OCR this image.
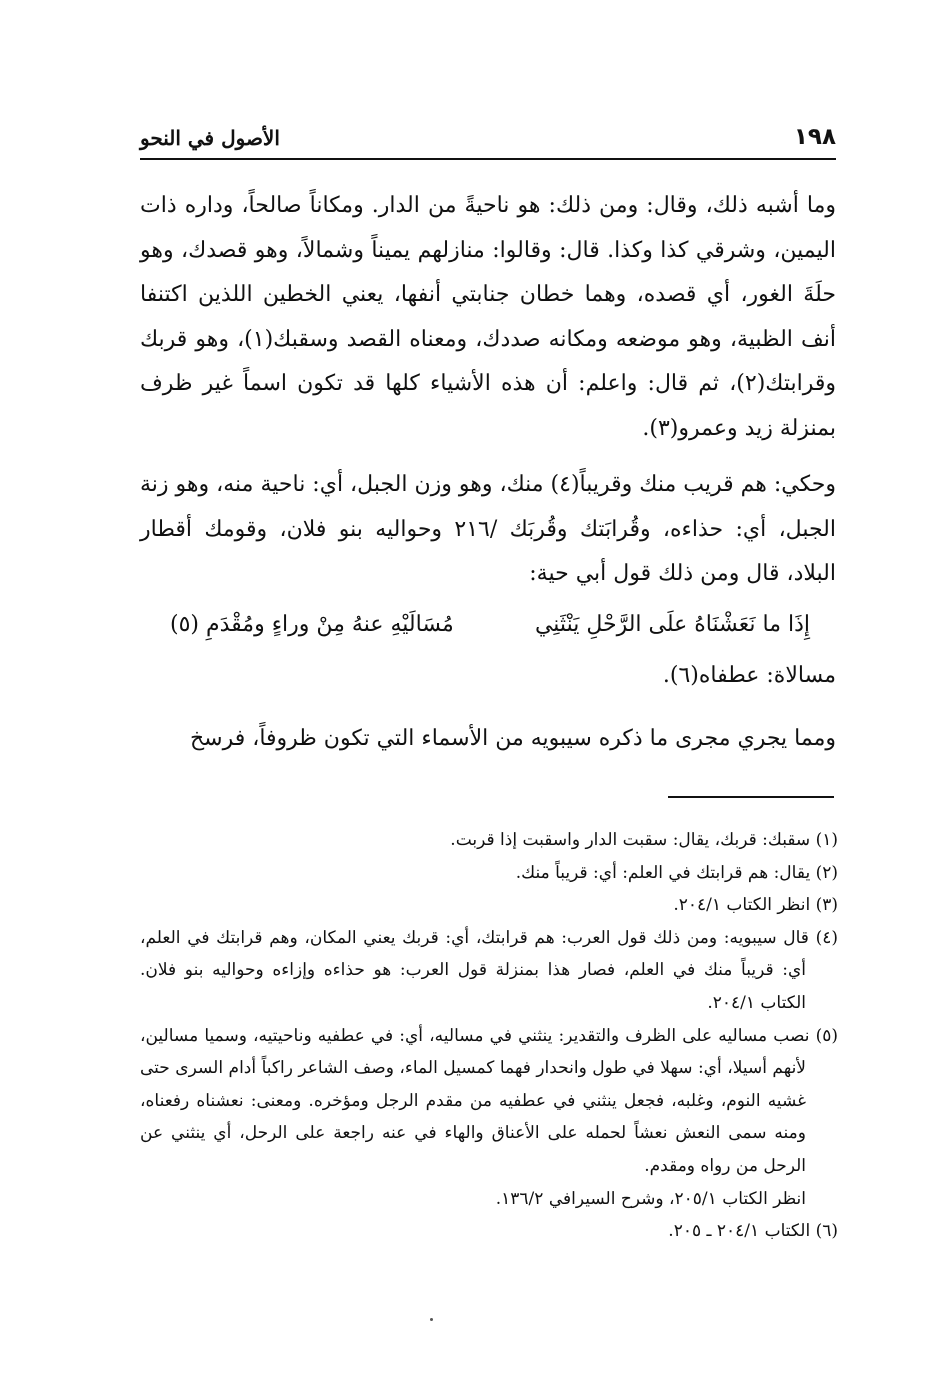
١٩٨
الأصول في النحو

وما أشبه ذلك، وقال: ومن ذلك: هو ناحيةً من الدار. ومكاناً صالحاً، وداره ذات اليمين، وشرقي كذا وكذا. قال: وقالوا: منازلهم يميناً وشمالاً، وهو قصدك، وهو حلَةَ الغور، أي قصده، وهما خطان جنابتي أنفها، يعني الخطين اللذين اكتنفا أنف الظبية، وهو موضعه ومكانه صددك، ومعناه القصد وسقبك(١)، وهو قربك وقرابتك(٢)، ثم قال: واعلم: أن هذه الأشياء كلها قد تكون اسماً غير ظرف بمنزلة زيد وعمرو(٣).

وحكي: هم قريب منك وقريباً(٤) منك، وهو وزن الجبل، أي: ناحية منه، وهو زنة الجبل، أي: حذاءه، وقُرابَتك وقُربَك /٢١٦ وحواليه بنو فلان، وقومك أقطار البلاد، قال ومن ذلك قول أبي حية:

إِذَا ما نَعَشْنَاهُ علَى الرَّحْلِ يَنْثَنِي
مُسَالَيْهِ عنهُ مِنْ وراءٍ ومُقْدَمِ (٥)

مسالاة: عطفاه(٦).

ومما يجري مجرى ما ذكره سيبويه من الأسماء التي تكون ظروفاً، فرسخ

(١) سقبك: قربك، يقال: سقبت الدار واسقبت إذا قربت.

(٢) يقال: هم قرابتك في العلم: أي: قريباً منك.

(٣) انظر الكتاب ٢٠٤/١.

(٤) قال سيبويه: ومن ذلك قول العرب: هم قرابتك، أي: قربك يعني المكان، وهم قرابتك في العلم، أي: قريباً منك في العلم، فصار هذا بمنزلة قول العرب: هو حذاءه وإزاءه وحواليه بنو فلان. الكتاب ٢٠٤/١.

(٥) نصب مساليه على الظرف والتقدير: ينثني في مساليه، أي: في عطفيه وناحيتيه، وسميا مسالين، لأنهم أسيلا، أي: سهلا في طول وانحدار فهما كمسيل الماء، وصف الشاعر راكباً أدام السرى حتى غشيه النوم، وغلبه، فجعل ينثني في عطفيه من مقدم الرجل ومؤخره. ومعنى: نعشناه رفعناه، ومنه سمى النعش نعشاً لحمله على الأعناق والهاء في عنه راجعة على الرحل، أي ينثني عن الرحل من رواه ومقدم.

انظر الكتاب ٢٠٥/١، وشرح السيرافي ١٣٦/٢.

(٦) الكتاب ٢٠٤/١ ـ ٢٠٥.
